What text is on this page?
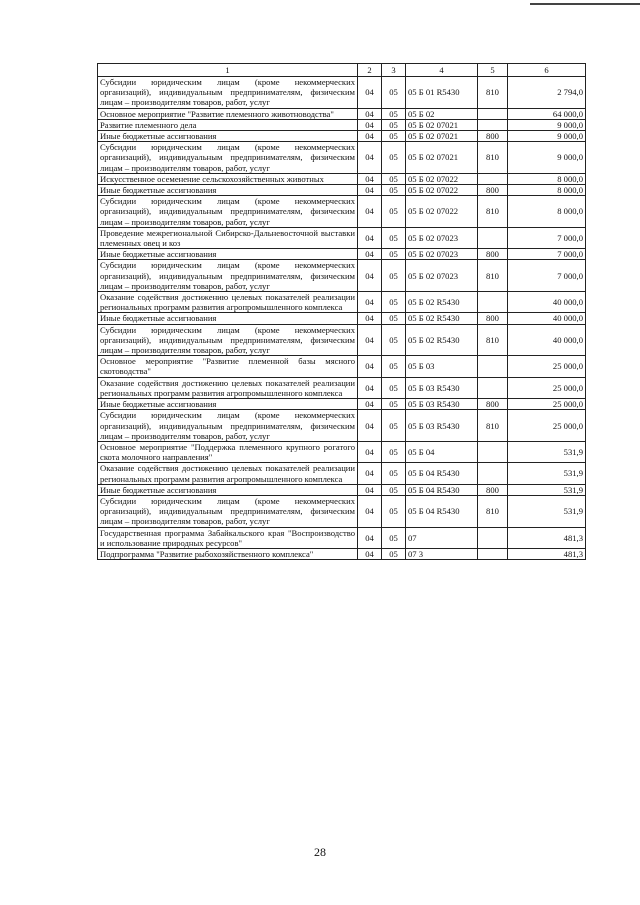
1	2	3	4	5	6
Субсидии юридическим лицам (кроме некоммерческих организаций), индивидуальным предпринимателям, физическим лицам – производителям товаров, работ, услуг	04	05	05 Б 01 R5430	810	2 794,0
Основное мероприятие "Развитие племенного животноводства"	04	05	05 Б 02		64 000,0
Развитие племенного дела	04	05	05 Б 02 07021		9 000,0
Иные бюджетные ассигнования	04	05	05 Б 02 07021	800	9 000,0
Субсидии юридическим лицам (кроме некоммерческих организаций), индивидуальным предпринимателям, физическим лицам – производителям товаров, работ, услуг	04	05	05 Б 02 07021	810	9 000,0
Искусственное осеменение сельскохозяйственных животных	04	05	05 Б 02 07022		8 000,0
Иные бюджетные ассигнования	04	05	05 Б 02 07022	800	8 000,0
Субсидии юридическим лицам (кроме некоммерческих организаций), индивидуальным предпринимателям, физическим лицам – производителям товаров, работ, услуг	04	05	05 Б 02 07022	810	8 000,0
Проведение межрегиональной Сибирско-Дальневосточной выставки племенных овец и коз	04	05	05 Б 02 07023		7 000,0
Иные бюджетные ассигнования	04	05	05 Б 02 07023	800	7 000,0
Субсидии юридическим лицам (кроме некоммерческих организаций), индивидуальным предпринимателям, физическим лицам – производителям товаров, работ, услуг	04	05	05 Б 02 07023	810	7 000,0
Оказание содействия достижению целевых показателей реализации региональных программ развития агропромышленного комплекса	04	05	05 Б 02 R5430		40 000,0
Иные бюджетные ассигнования	04	05	05 Б 02 R5430	800	40 000,0
Субсидии юридическим лицам (кроме некоммерческих организаций), индивидуальным предпринимателям, физическим лицам – производителям товаров, работ, услуг	04	05	05 Б 02 R5430	810	40 000,0
Основное мероприятие "Развитие племенной базы мясного скотоводства"	04	05	05 Б 03		25 000,0
Оказание содействия достижению целевых показателей реализации региональных программ развития агропромышленного комплекса	04	05	05 Б 03 R5430		25 000,0
Иные бюджетные ассигнования	04	05	05 Б 03 R5430	800	25 000,0
Субсидии юридическим лицам (кроме некоммерческих организаций), индивидуальным предпринимателям, физическим лицам – производителям товаров, работ, услуг	04	05	05 Б 03 R5430	810	25 000,0
Основное мероприятие "Поддержка племенного крупного рогатого скота молочного направления"	04	05	05 Б 04		531,9
Оказание содействия достижению целевых показателей реализации региональных программ развития агропромышленного комплекса	04	05	05 Б 04 R5430		531,9
Иные бюджетные ассигнования	04	05	05 Б 04 R5430	800	531,9
Субсидии юридическим лицам (кроме некоммерческих организаций), индивидуальным предпринимателям, физическим лицам – производителям товаров, работ, услуг	04	05	05 Б 04 R5430	810	531,9
Государственная программа Забайкальского края "Воспроизводство и использование природных ресурсов"	04	05	07		481,3
Подпрограмма "Развитие рыбохозяйственного комплекса"	04	05	07 3		481,3
28
